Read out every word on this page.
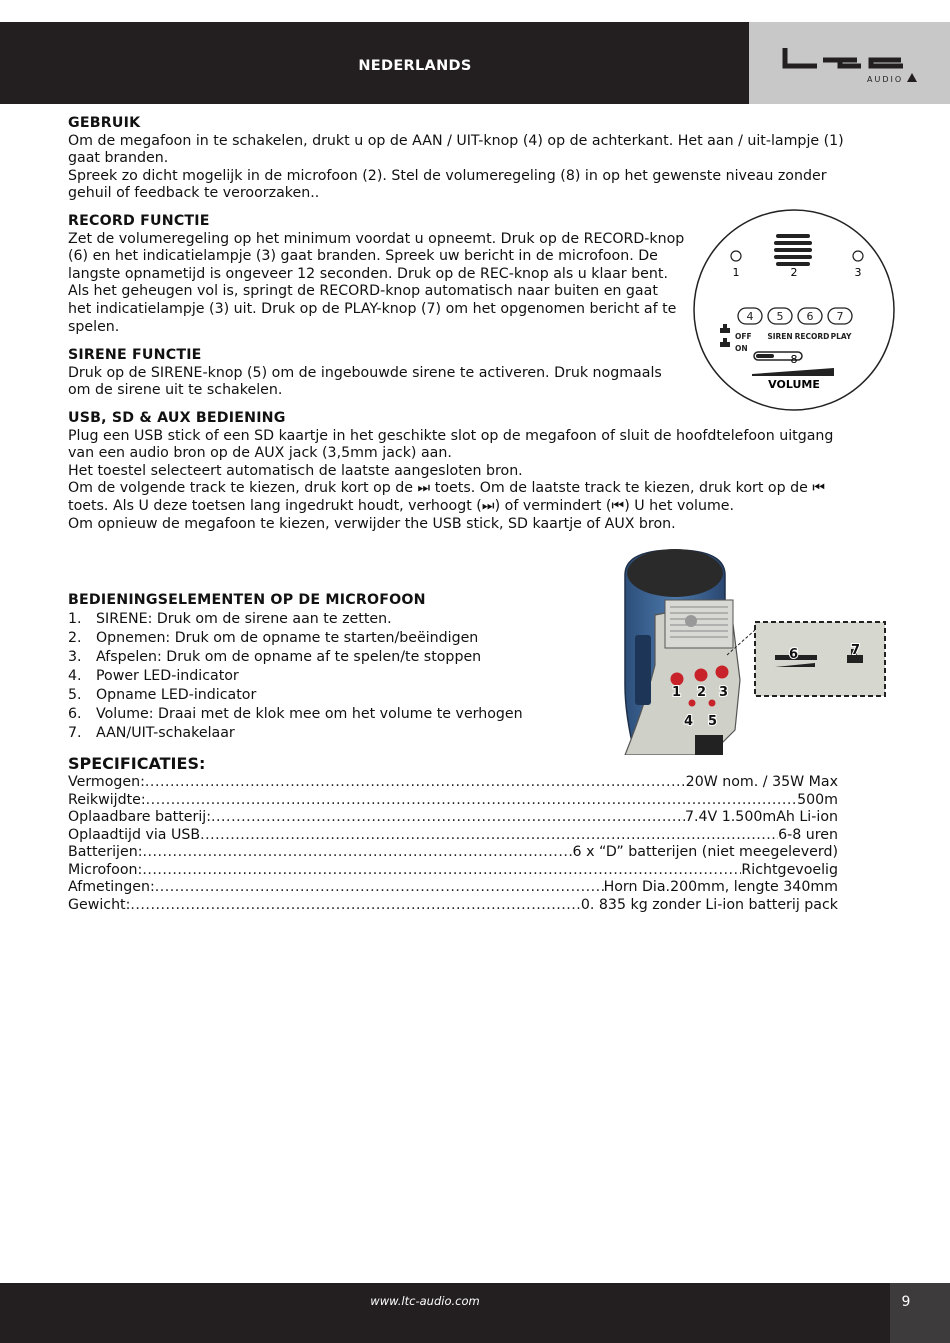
NEDERLANDS
AUDIO
GEBRUIK
Om de megafoon in te schakelen, drukt u op de AAN / UIT-knop (4) op de achterkant. Het aan / uit-lampje (1)
gaat branden.
Spreek zo dicht mogelijk in de microfoon (2). Stel de volumeregeling (8) in op het gewenste niveau zonder
gehuil of feedback te veroorzaken..
RECORD FUNCTIE
Zet de volumeregeling op het minimum voordat u opneemt. Druk op de RECORD-knop
(6) en het indicatielampje (3) gaat branden. Spreek uw bericht in de microfoon. De
langste opnametijd is ongeveer 12 seconden. Druk op de REC-knop als u klaar bent.
Als het geheugen vol is, springt de RECORD-knop automatisch naar buiten en gaat
het indicatielampje (3) uit. Druk op de PLAY-knop (7) om het opgenomen bericht af te
spelen.
SIRENE FUNCTIE
Druk op de SIRENE-knop (5) om de ingebouwde sirene te activeren. Druk nogmaals
om de sirene uit te schakelen.
USB, SD & AUX BEDIENING
Plug een USB stick of een SD kaartje in het geschikte slot op de megafoon of sluit de hoofdtelefoon uitgang
van een audio bron op de AUX jack (3,5mm jack) aan.
Het toestel selecteert automatisch de laatste aangesloten bron.
Om de volgende track te kiezen, druk kort op de ⏭ toets. Om de laatste track te kiezen, druk kort op de ⏮
toets. Als U deze toetsen lang ingedrukt houdt, verhoogt (⏭) of vermindert (⏮) U het volume.
Om opnieuw de megafoon te kiezen, verwijder the USB stick, SD kaartje of AUX bron.
1	2	3
4 5 6 7
OFF
ON
SIREN RECORD PLAY
8
VOLUME
BEDIENINGSELEMENTEN OP DE MICROFOON
1.	SIRENE: Druk om de sirene aan te zetten.
2.	Opnemen: Druk om de opname te starten/beëindigen
3.	Afspelen: Druk om de opname af te spelen/te stoppen
4.	Power LED-indicator
5.	Opname LED-indicator
6.	Volume: Draai met de klok mee om het volume te verhogen
7.	AAN/UIT-schakelaar
1 2 3
4 5
6	7
SPECIFICATIES:
Vermogen: .....	20W nom. / 35W Max
Reikwijdte: .....	500m
Oplaadbare batterij: .....	7.4V 1.500mAh Li-ion
Oplaadtijd via USB .....	6-8 uren
Batterijen: .....	6 x “D” batterijen (niet meegeleverd)
Microfoon: .....	Richtgevoelig
Afmetingen: .....	Horn Dia.200mm, lengte 340mm
Gewicht: .....	0. 835 kg zonder Li-ion batterij pack
www.ltc-audio.com	9
